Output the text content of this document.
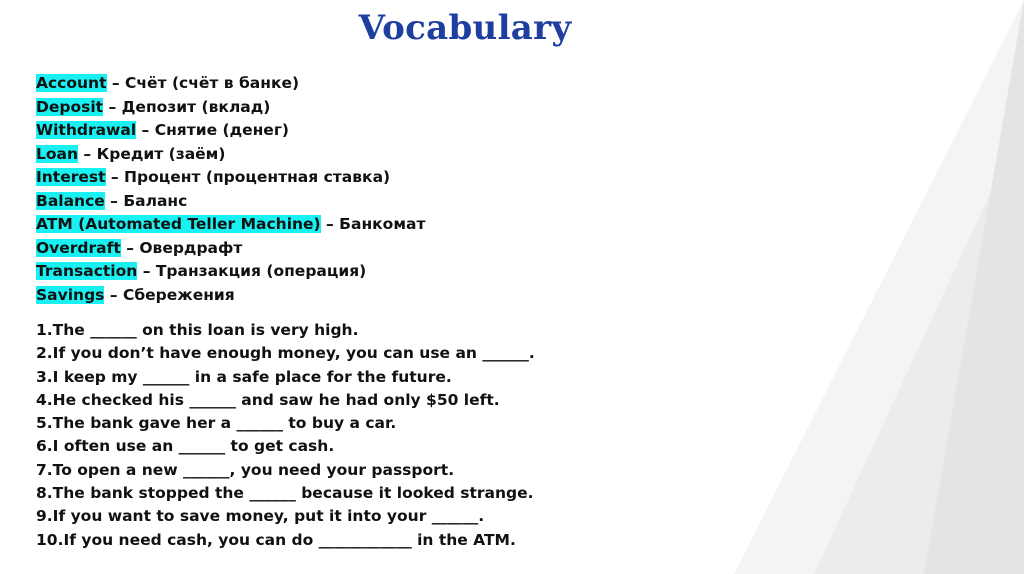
Vocabulary
Account – Счёт (счёт в банке)
Deposit – Депозит (вклад)
Withdrawal – Снятие (денег)
Loan – Кредит (заём)
Interest – Процент (процентная ставка)
Balance – Баланс
ATM (Automated Teller Machine) – Банкомат
Overdraft – Овердрафт
Transaction – Транзакция (операция)
Savings – Сбережения
1.The ______ on this loan is very high.
2.If you don’t have enough money, you can use an ______.
3.I keep my ______ in a safe place for the future.
4.He checked his ______ and saw he had only $50 left.
5.The bank gave her a ______ to buy a car.
6.I often use an ______ to get cash.
7.To open a new ______, you need your passport.
8.The bank stopped the ______ because it looked strange.
9.If you want to save money, put it into your ______.
10.If you need cash, you can do ____________ in the ATM.
